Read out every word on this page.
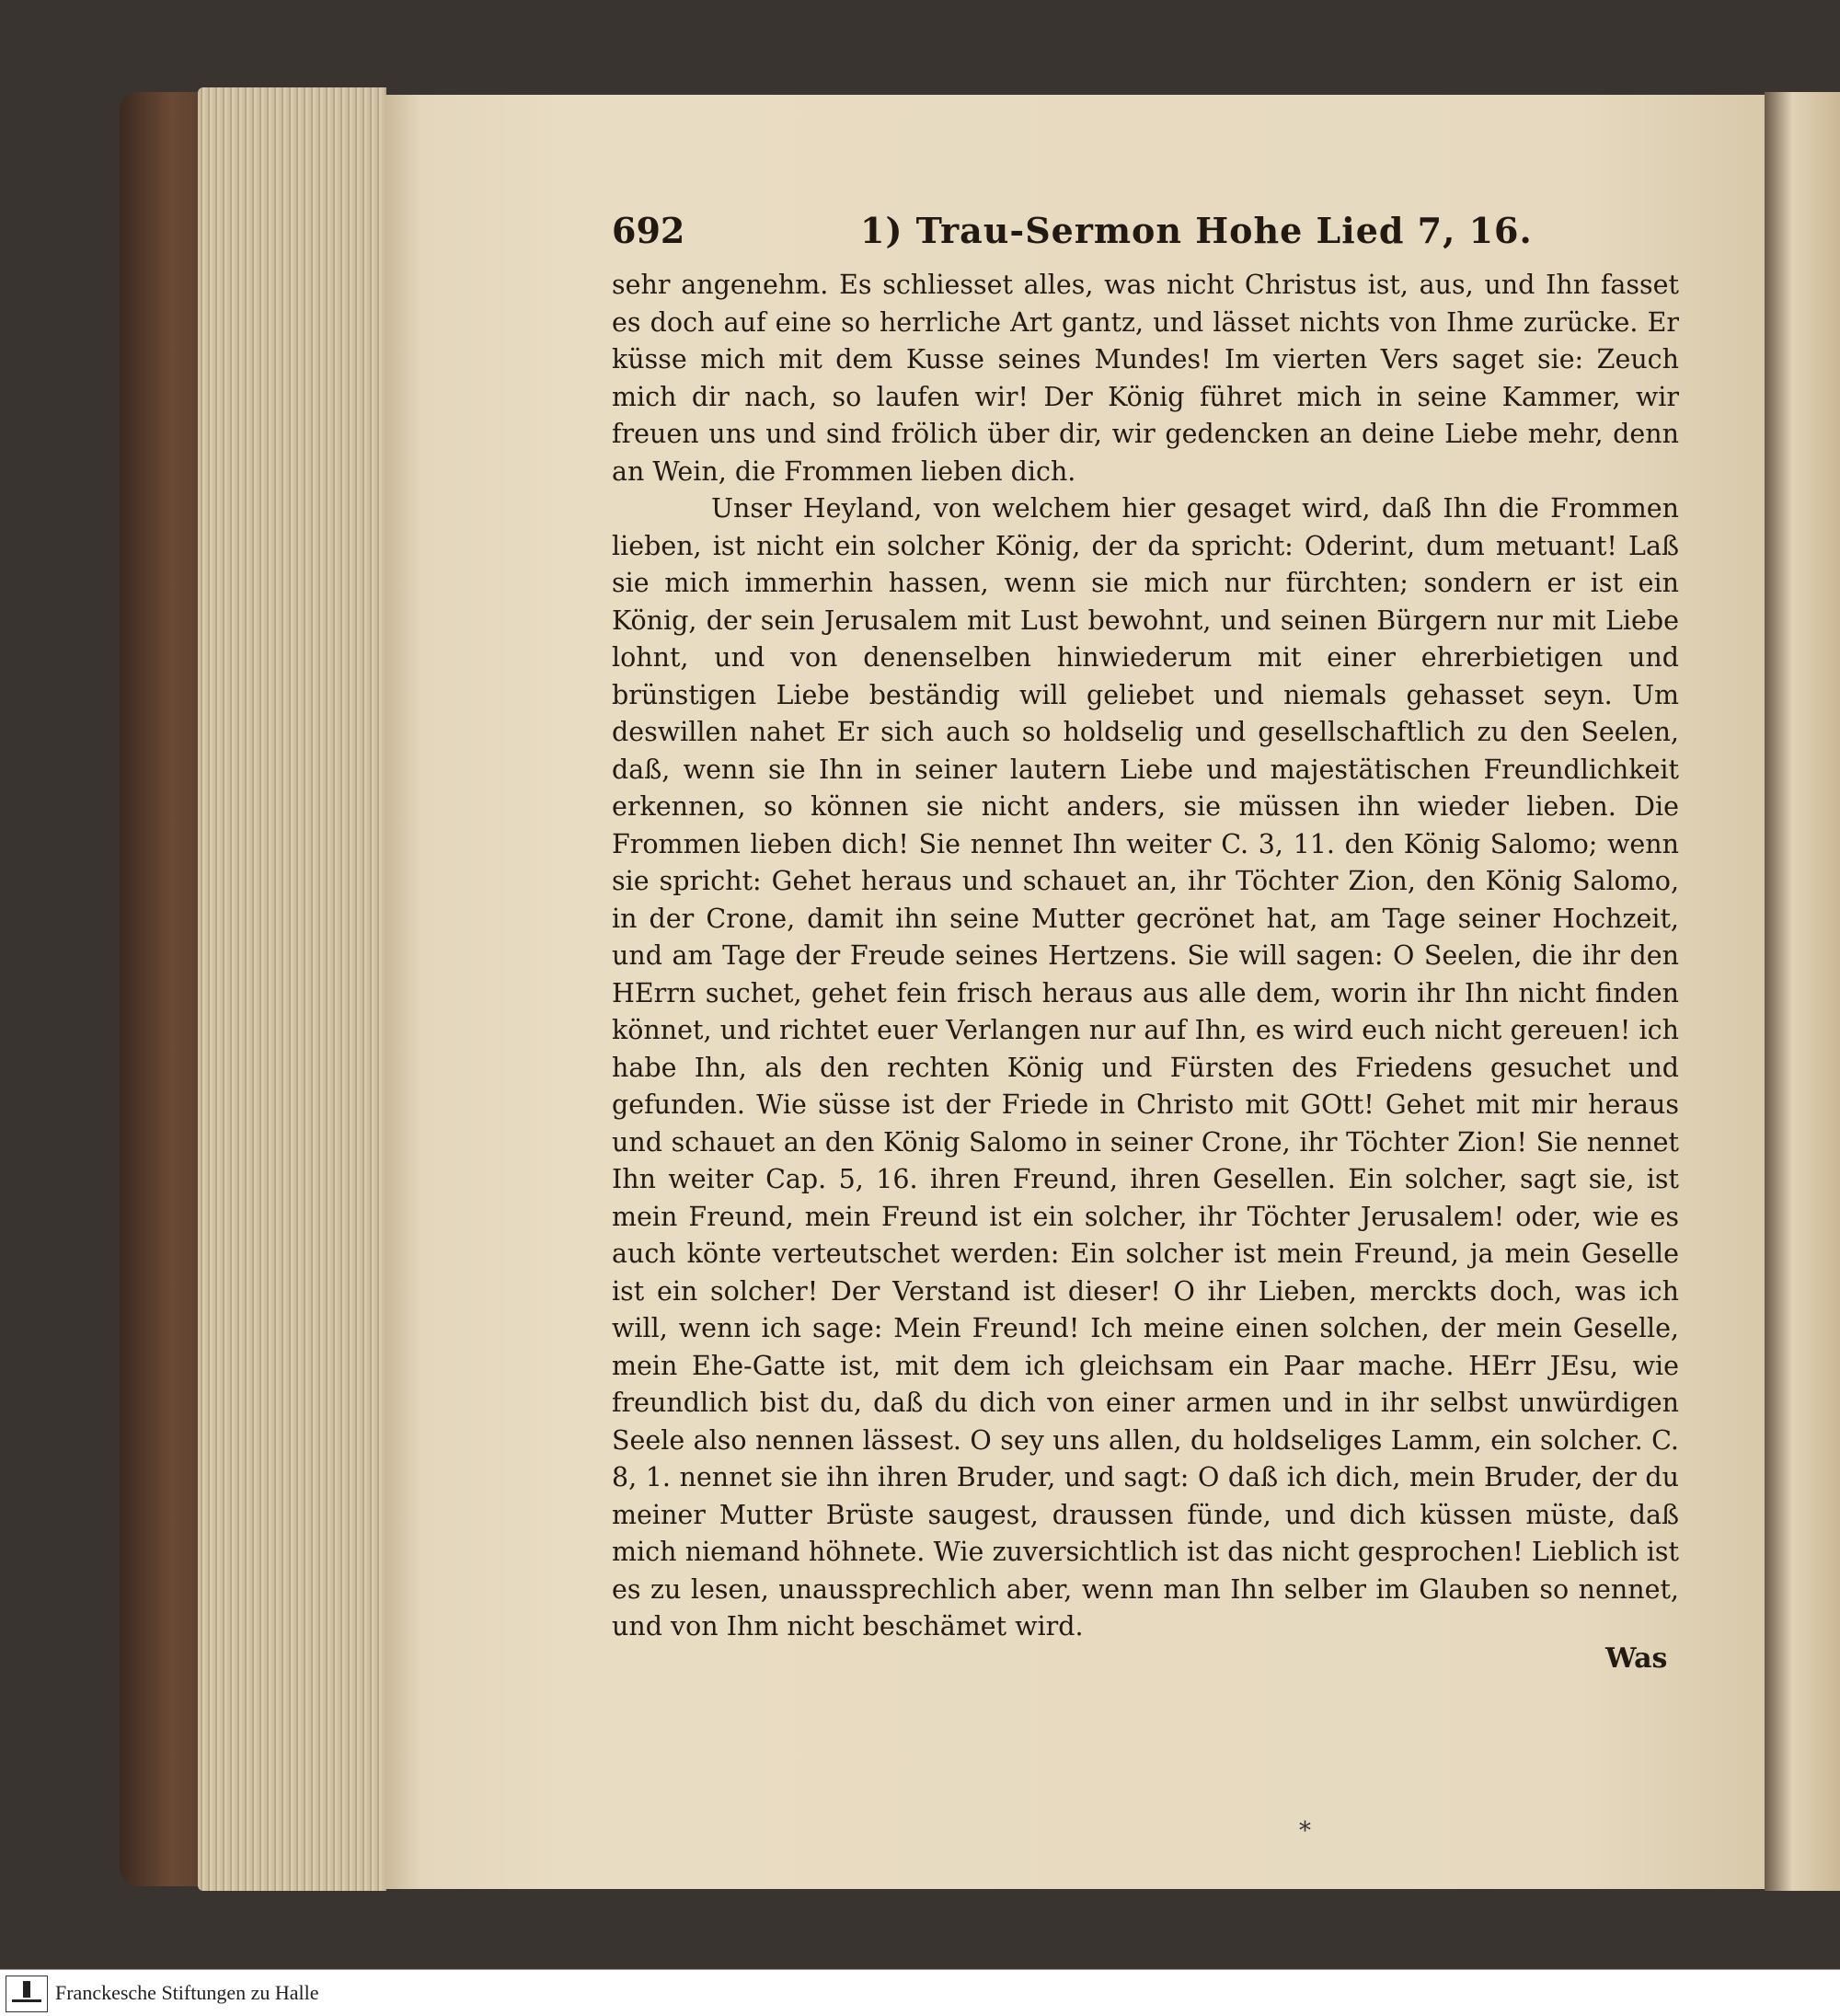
692	1) Trau-Sermon Hohe Lied 7, 16.

sehr angenehm. Es schliesset alles, was nicht Christus ist, aus, und Ihn fasset es doch auf eine so herrliche Art gantz, und lässet nichts von Ihme zurücke. Er küsse mich mit dem Kusse seines Mundes! Im vierten Vers saget sie: Zeuch mich dir nach, so laufen wir! Der König führet mich in seine Kammer, wir freuen uns und sind frölich über dir, wir gedencken an deine Liebe mehr, denn an Wein, die Frommen lieben dich.

Unser Heyland, von welchem hier gesaget wird, daß Ihn die Frommen lieben, ist nicht ein solcher König, der da spricht: Oderint, dum metuant! Laß sie mich immerhin hassen, wenn sie mich nur fürchten; sondern er ist ein König, der sein Jerusalem mit Lust bewohnt, und seinen Bürgern nur mit Liebe lohnt, und von denenselben hinwiederum mit einer ehrerbietigen und brünstigen Liebe beständig will geliebet und niemals gehasset seyn. Um deswillen nahet Er sich auch so holdselig und gesellschaftlich zu den Seelen, daß, wenn sie Ihn in seiner lautern Liebe und majestätischen Freundlichkeit erkennen, so können sie nicht anders, sie müssen ihn wieder lieben. Die Frommen lieben dich! Sie nennet Ihn weiter C. 3, 11. den König Salomo; wenn sie spricht: Gehet heraus und schauet an, ihr Töchter Zion, den König Salomo, in der Crone, damit ihn seine Mutter gecrönet hat, am Tage seiner Hochzeit, und am Tage der Freude seines Hertzens. Sie will sagen: O Seelen, die ihr den HErrn suchet, gehet fein frisch heraus aus alle dem, worin ihr Ihn nicht finden könnet, und richtet euer Verlangen nur auf Ihn, es wird euch nicht gereuen! ich habe Ihn, als den rechten König und Fürsten des Friedens gesuchet und gefunden. Wie süsse ist der Friede in Christo mit GOtt! Gehet mit mir heraus und schauet an den König Salomo in seiner Crone, ihr Töchter Zion! Sie nennet Ihn weiter Cap. 5, 16. ihren Freund, ihren Gesellen. Ein solcher, sagt sie, ist mein Freund, mein Freund ist ein solcher, ihr Töchter Jerusalem! oder, wie es auch könte verteutschet werden: Ein solcher ist mein Freund, ja mein Geselle ist ein solcher! Der Verstand ist dieser! O ihr Lieben, merckts doch, was ich will, wenn ich sage: Mein Freund! Ich meine einen solchen, der mein Geselle, mein Ehe-Gatte ist, mit dem ich gleichsam ein Paar mache. HErr JEsu, wie freundlich bist du, daß du dich von einer armen und in ihr selbst unwürdigen Seele also nennen lässest. O sey uns allen, du holdseliges Lamm, ein solcher. C. 8, 1. nennet sie ihn ihren Bruder, und sagt: O daß ich dich, mein Bruder, der du meiner Mutter Brüste saugest, draussen fünde, und dich küssen müste, daß mich niemand höhnete. Wie zuversichtlich ist das nicht gesprochen! Lieblich ist es zu lesen, unaussprechlich aber, wenn man Ihn selber im Glauben so nennet, und von Ihm nicht beschämet wird.

Was
*
Franckesche Stiftungen zu Halle
